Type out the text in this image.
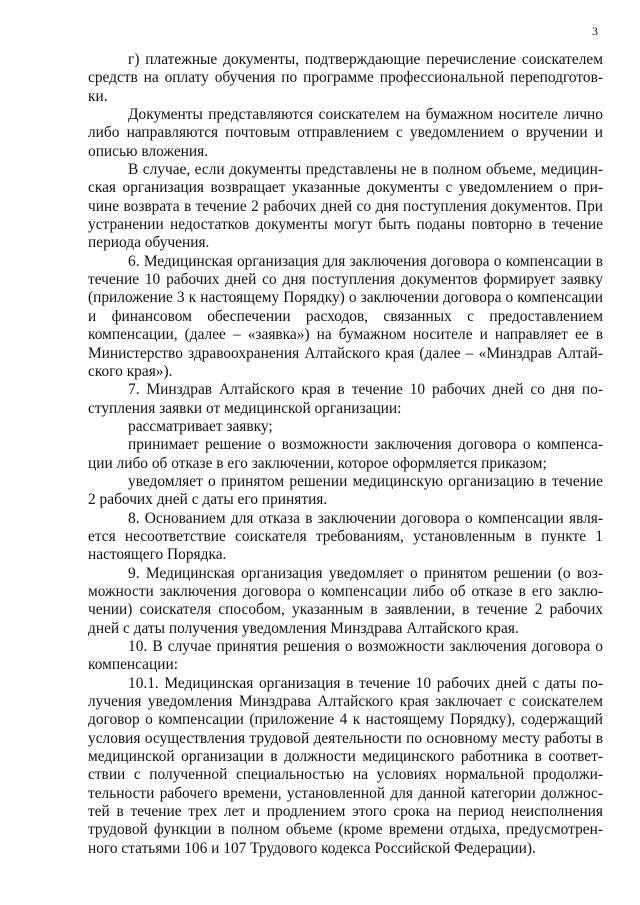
3

г) платежные документы, подтверждающие перечисление соискателем средств на оплату обучения по программе профессиональной переподготовки.

Документы представляются соискателем на бумажном носителе лично либо направляются почтовым отправлением с уведомлением о вручении и описью вложения.

В случае, если документы представлены не в полном объеме, медицинская организация возвращает указанные документы с уведомлением о причине возврата в течение 2 рабочих дней со дня поступления документов. При устранении недостатков документы могут быть поданы повторно в течение периода обучения.

6. Медицинская организация для заключения договора о компенсации в течение 10 рабочих дней со дня поступления документов формирует заявку (приложение 3 к настоящему Порядку) о заключении договора о компенсации и финансовом обеспечении расходов, связанных с предоставлением компенсации, (далее – «заявка») на бумажном носителе и направляет ее в Министерство здравоохранения Алтайского края (далее – «Минздрав Алтайского края»).

7. Минздрав Алтайского края в течение 10 рабочих дней со дня поступления заявки от медицинской организации:

рассматривает заявку;

принимает решение о возможности заключения договора о компенсации либо об отказе в его заключении, которое оформляется приказом;

уведомляет о принятом решении медицинскую организацию в течение 2 рабочих дней с даты его принятия.

8. Основанием для отказа в заключении договора о компенсации является несоответствие соискателя требованиям, установленным в пункте 1 настоящего Порядка.

9. Медицинская организация уведомляет о принятом решении (о возможности заключения договора о компенсации либо об отказе в его заключении) соискателя способом, указанным в заявлении, в течение 2 рабочих дней с даты получения уведомления Минздрава Алтайского края.

10. В случае принятия решения о возможности заключения договора о компенсации:

10.1. Медицинская организация в течение 10 рабочих дней с даты получения уведомления Минздрава Алтайского края заключает с соискателем договор о компенсации (приложение 4 к настоящему Порядку), содержащий условия осуществления трудовой деятельности по основному месту работы в медицинской организации в должности медицинского работника в соответствии с полученной специальностью на условиях нормальной продолжительности рабочего времени, установленной для данной категории должностей в течение трех лет и продлением этого срока на период неисполнения трудовой функции в полном объеме (кроме времени отдыха, предусмотренного статьями 106 и 107 Трудового кодекса Российской Федерации).
